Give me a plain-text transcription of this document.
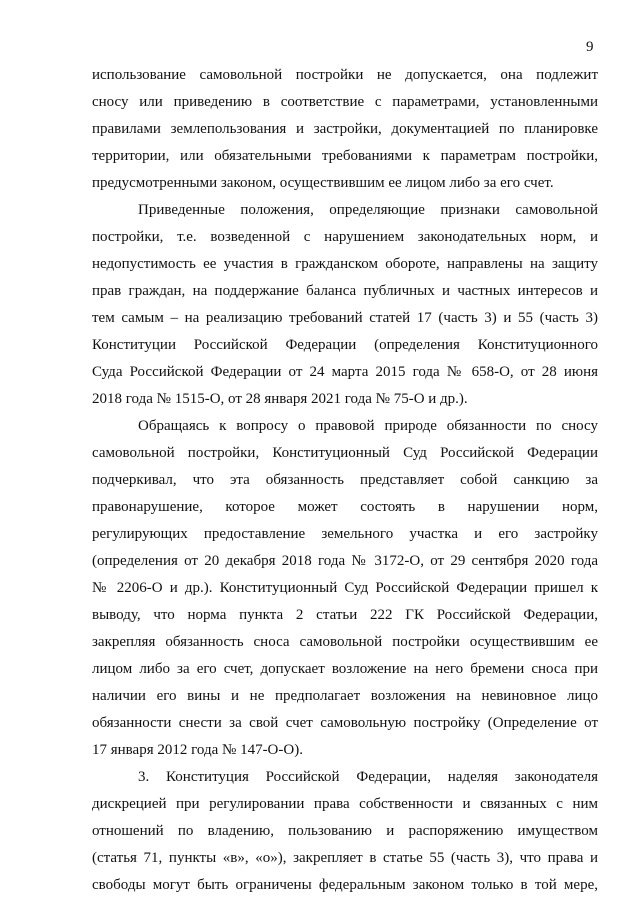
9
использование самовольной постройки не допускается, она подлежит
сносу или приведению в соответствие с параметрами, установленными
правилами землепользования и застройки, документацией по планировке
территории, или обязательными требованиями к параметрам постройки,
предусмотренными законом, осуществившим ее лицом либо за его счет.
Приведенные положения, определяющие признаки самовольной
постройки, т.е. возведенной с нарушением законодательных норм, и
недопустимость ее участия в гражданском обороте, направлены на защиту
прав граждан, на поддержание баланса публичных и частных интересов и
тем самым – на реализацию требований статей 17 (часть 3) и 55 (часть 3)
Конституции Российской Федерации (определения Конституционного
Суда Российской Федерации от 24 марта 2015 года № 658-О, от 28 июня
2018 года № 1515-О, от 28 января 2021 года № 75-О и др.).
Обращаясь к вопросу о правовой природе обязанности по сносу
самовольной постройки, Конституционный Суд Российской Федерации
подчеркивал, что эта обязанность представляет собой санкцию за
правонарушение, которое может состоять в нарушении норм,
регулирующих предоставление земельного участка и его застройку
(определения от 20 декабря 2018 года № 3172-О, от 29 сентября 2020 года
№ 2206-О и др.). Конституционный Суд Российской Федерации пришел к
выводу, что норма пункта 2 статьи 222 ГК Российской Федерации,
закрепляя обязанность сноса самовольной постройки осуществившим ее
лицом либо за его счет, допускает возложение на него бремени сноса при
наличии его вины и не предполагает возложения на невиновное лицо
обязанности снести за свой счет самовольную постройку (Определение от
17 января 2012 года № 147-О-О).
3. Конституция Российской Федерации, наделяя законодателя
дискрецией при регулировании права собственности и связанных с ним
отношений по владению, пользованию и распоряжению имуществом
(статья 71, пункты «в», «о»), закрепляет в статье 55 (часть 3), что права и
свободы могут быть ограничены федеральным законом только в той мере,
